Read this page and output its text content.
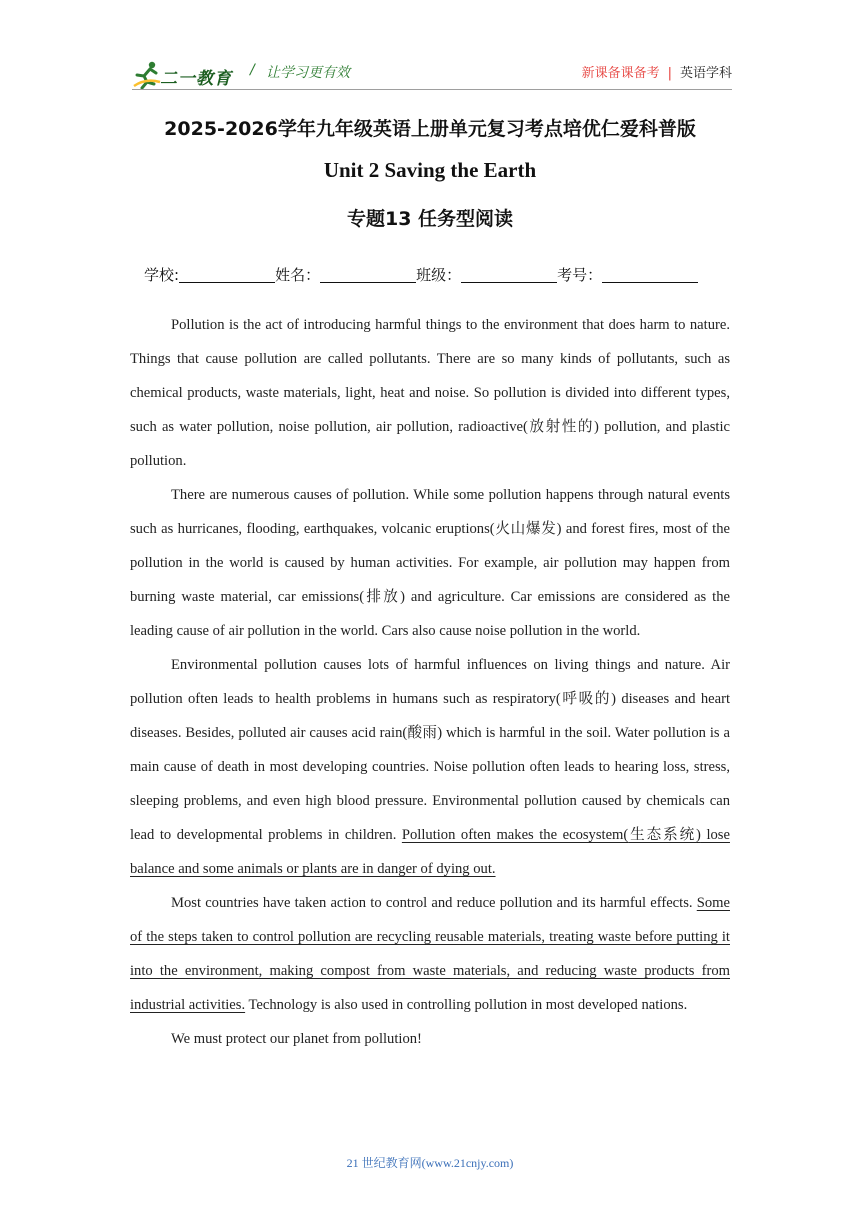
二一教育 / 让学习更有效	新课备课备考 | 英语学科
2025-2026学年九年级英语上册单元复习考点培优仁爱科普版
Unit 2 Saving the Earth
专题13 任务型阅读
学校:	姓名：	班级：	考号：

Pollution is the act of introducing harmful things to the environment that does harm to nature. Things that cause pollution are called pollutants. There are so many kinds of pollutants, such as chemical products, waste materials, light, heat and noise. So pollution is divided into different types, such as water pollution, noise pollution, air pollution, radioactive(放射性的) pollution, and plastic pollution.

There are numerous causes of pollution. While some pollution happens through natural events such as hurricanes, flooding, earthquakes, volcanic eruptions(火山爆发) and forest fires, most of the pollution in the world is caused by human activities. For example, air pollution may happen from burning waste material, car emissions(排放) and agriculture. Car emissions are considered as the leading cause of air pollution in the world. Cars also cause noise pollution in the world.

Environmental pollution causes lots of harmful influences on living things and nature. Air pollution often leads to health problems in humans such as respiratory(呼吸的) diseases and heart diseases. Besides, polluted air causes acid rain(酸雨) which is harmful in the soil. Water pollution is a main cause of death in most developing countries. Noise pollution often leads to hearing loss, stress, sleeping problems, and even high blood pressure. Environmental pollution caused by chemicals can lead to developmental problems in children. Pollution often makes the ecosystem(生态系统) lose balance and some animals or plants are in danger of dying out.

Most countries have taken action to control and reduce pollution and its harmful effects. Some of the steps taken to control pollution are recycling reusable materials, treating waste before putting it into the environment, making compost from waste materials, and reducing waste products from industrial activities. Technology is also used in controlling pollution in most developed nations.

We must protect our planet from pollution!

21 世纪教育网(www.21cnjy.com)
